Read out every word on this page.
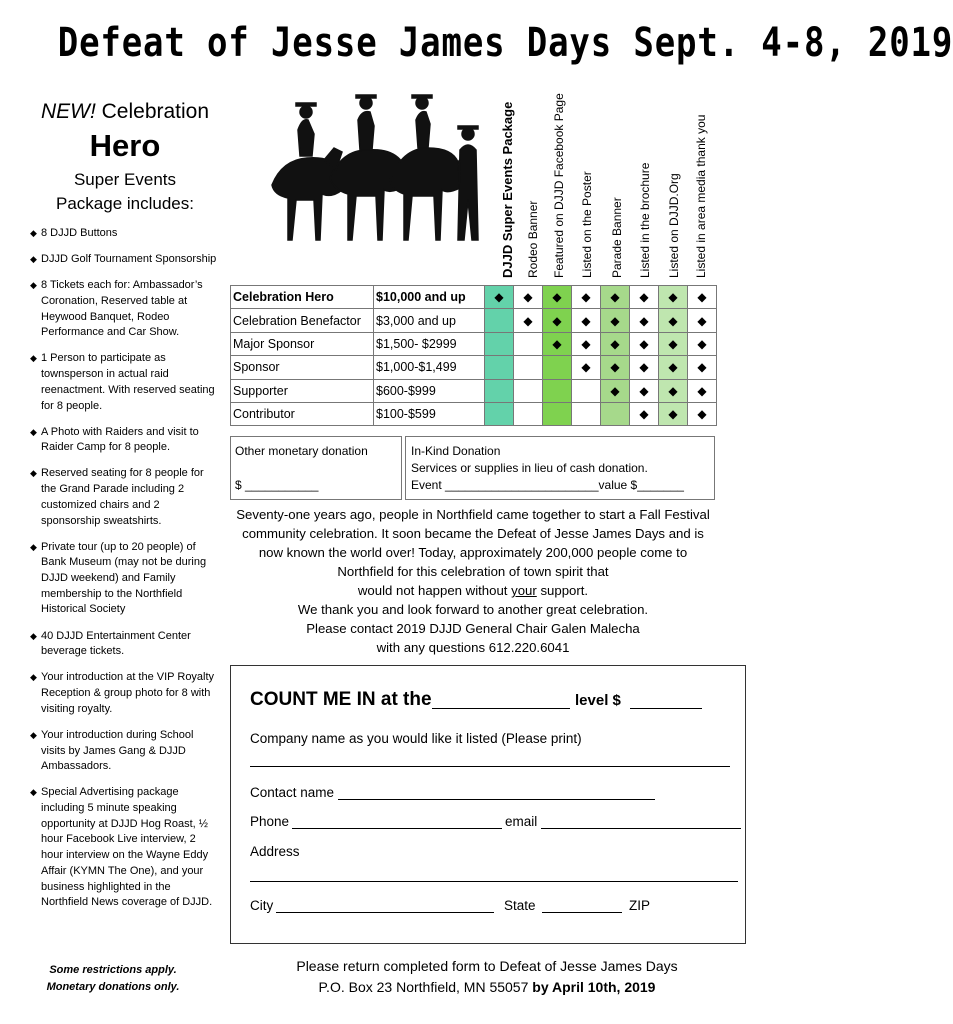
Defeat of Jesse James Days Sept. 4-8, 2019
NEW! Celebration
Hero
Super Events
Package includes:
◆ 8 DJJD Buttons
◆ DJJD Golf Tournament Sponsorship
◆ 8 Tickets each for: Ambassador’s Coronation, Reserved table at Heywood Banquet, Rodeo Performance and Car Show.
◆ 1 Person to participate as townsperson in actual raid reenactment. With reserved seating for 8 people.
◆ A Photo with Raiders and visit to Raider Camp for 8 people.
◆ Reserved seating for 8 people for the Grand Parade including 2 customized chairs and 2 sponsorship sweatshirts.
◆ Private tour (up to 20 people) of Bank Museum (may not be during DJJD weekend) and Family membership to the Northfield Historical Society
◆ 40 DJJD Entertainment Center beverage tickets.
◆ Your introduction at the VIP Royalty Reception & group photo for 8 with visiting royalty.
◆ Your introduction during School visits by James Gang & DJJD Ambassadors.
◆ Special Advertising package including 5 minute speaking opportunity at DJJD Hog Roast, ½ hour Facebook Live interview, 2 hour interview on the Wayne Eddy Affair (KYMN The One), and your business highlighted in the Northfield News coverage of DJJD.
Some restrictions apply.
Monetary donations only.
DJJD Super Events Package Rodeo Banner Featured on DJJD Facebook Page Listed on the Poster Parade Banner Listed in the brochure Listed on DJJD.Org Listed in area media thank you
Celebration Hero	$10,000 and up	◆	◆	◆	◆	◆	◆	◆	◆
Celebration Benefactor	$3,000 and up		◆	◆	◆	◆	◆	◆	◆
Major Sponsor	$1,500- $2999			◆	◆	◆	◆	◆	◆
Sponsor	$1,000-$1,499				◆	◆	◆	◆	◆
Supporter	$600-$999					◆	◆	◆	◆
Contributor	$100-$599						◆	◆	◆
Other monetary donation
$ ___________
In-Kind Donation
Services or supplies in lieu of cash donation.
Event _______________________value $_______
Seventy-one years ago, people in Northfield came together to start a Fall Festival
community celebration. It soon became the Defeat of Jesse James Days and is
now known the world over! Today, approximately 200,000 people come to
Northfield for this celebration of town spirit that
would not happen without your support.
We thank you and look forward to another great celebration.
Please contact 2019 DJJD General Chair Galen Malecha
with any questions 612.220.6041
COUNT ME IN at the	level $
Company name as you would like it listed (Please print)
Contact name
Phone	email
Address
City	State	ZIP
Please return completed form to Defeat of Jesse James Days
P.O. Box 23 Northfield, MN 55057 by April 10th, 2019
